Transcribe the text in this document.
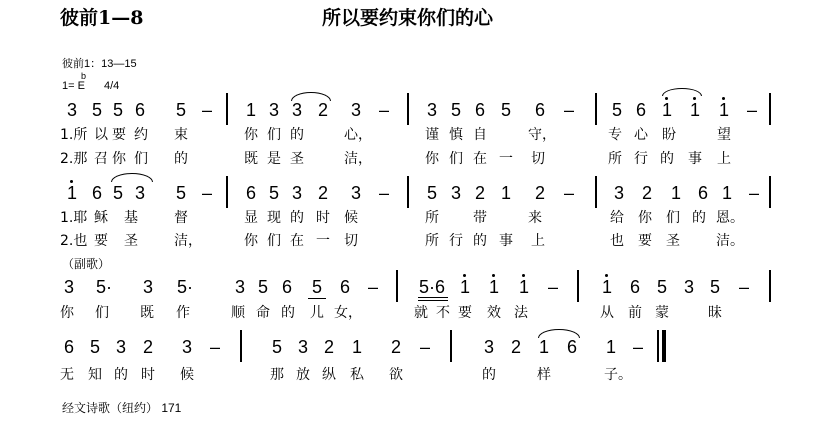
彼前1—8	所以要约束你们的心
彼前1：13—15
1= E
b
4/4
3 5 5 6 5 – 1 3 3 2 3 – 3 5 6 5 6 – 5 6 1 1 1 –
1.所 以 要 约 束	你 们 的	心，	谨 慎 自	守，	专 心 盼	望
2.那 召 你 们 的	既 是 圣	洁，	你 们 在 一 切	所 行 的 事 上
1 6 5 3 5 – 6 5 3 2 3 – 5 3 2 1 2 – 3 2 1 6 1 –
1.耶 稣 基	督	显 现 的 时 候	所 带	来	给 你 们 的 恩。
2.也 要 圣	洁，	你 们 在 一 切	所 行 的 事 上	也 要 圣	洁。
（副歌）
3 5· 3 5· 3 5 6 5 6 – 5·6 1 1 1 – 1 6 5 3 5 –
你 们 既 作	顺 命 的 儿 女，	就 不 要 效 法	从 前 蒙	昧
6 5 3 2 3 –	5 3 2 1 2 –	3 2 1 6 1 –
无 知 的 时 候	那 放 纵 私 欲	的	样	子。
经文诗歌（纽约） 171
